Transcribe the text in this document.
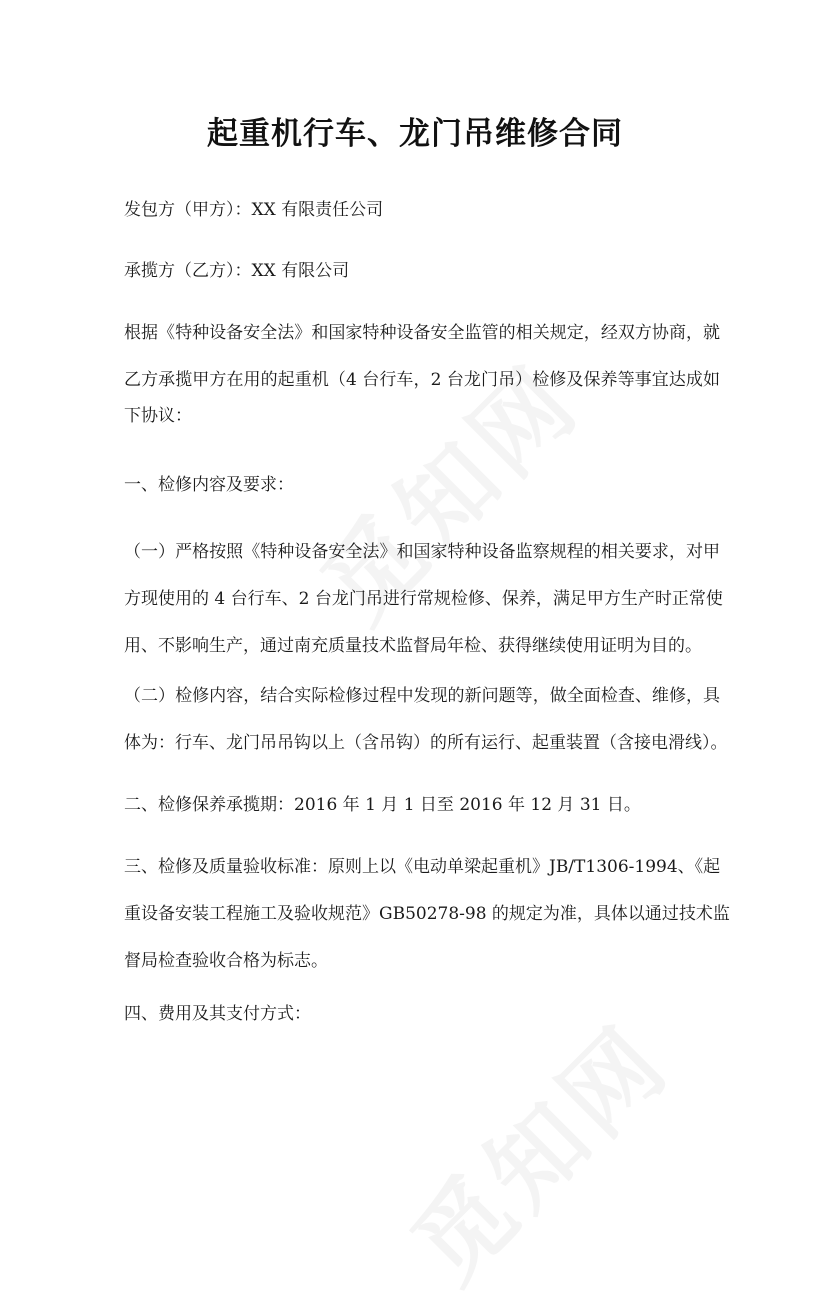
起重机行车、龙门吊维修合同
发包方（甲方）：XX 有限责任公司
承揽方（乙方）：XX 有限公司
根据《特种设备安全法》和国家特种设备安全监管的相关规定，经双方协商，就
乙方承揽甲方在用的起重机（4 台行车，2 台龙门吊）检修及保养等事宜达成如
下协议：
一、检修内容及要求：
（一）严格按照《特种设备安全法》和国家特种设备监察规程的相关要求，对甲
方现使用的 4 台行车、2 台龙门吊进行常规检修、保养，满足甲方生产时正常使
用、不影响生产，通过南充质量技术监督局年检、获得继续使用证明为目的。
（二）检修内容，结合实际检修过程中发现的新问题等，做全面检查、维修，具
体为：行车、龙门吊吊钩以上（含吊钩）的所有运行、起重装置（含接电滑线）。
二、检修保养承揽期：2016 年 1 月 1 日至 2016 年 12 月 31 日。
三、检修及质量验收标准：原则上以《电动单梁起重机》JB/T1306-1994、《起
重设备安装工程施工及验收规范》GB50278-98 的规定为准，具体以通过技术监
督局检查验收合格为标志。
四、费用及其支付方式：
